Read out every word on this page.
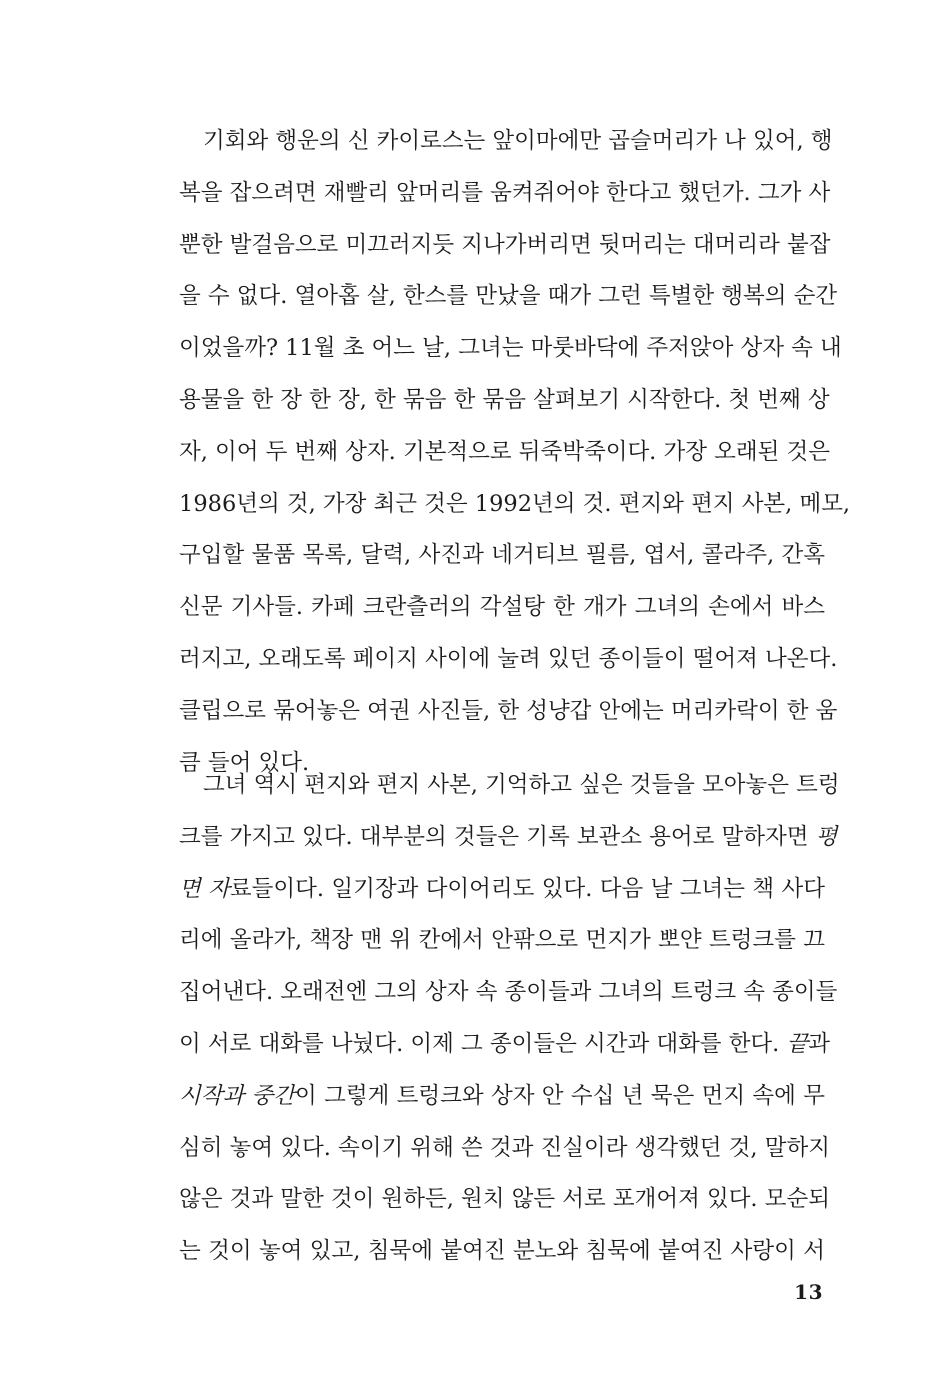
기회와 행운의 신 카이로스는 앞이마에만 곱슬머리가 나 있어, 행
복을 잡으려면 재빨리 앞머리를 움켜쥐어야 한다고 했던가. 그가 사
뿐한 발걸음으로 미끄러지듯 지나가버리면 뒷머리는 대머리라 붙잡
을 수 없다. 열아홉 살, 한스를 만났을 때가 그런 특별한 행복의 순간
이었을까? 11월 초 어느 날, 그녀는 마룻바닥에 주저앉아 상자 속 내
용물을 한 장 한 장, 한 묶음 한 묶음 살펴보기 시작한다. 첫 번째 상
자, 이어 두 번째 상자. 기본적으로 뒤죽박죽이다. 가장 오래된 것은
1986년의 것, 가장 최근 것은 1992년의 것. 편지와 편지 사본, 메모,
구입할 물품 목록, 달력, 사진과 네거티브 필름, 엽서, 콜라주, 간혹
신문 기사들. 카페 크란츨러의 각설탕 한 개가 그녀의 손에서 바스
러지고, 오래도록 페이지 사이에 눌려 있던 종이들이 떨어져 나온다.
클립으로 묶어놓은 여권 사진들, 한 성냥갑 안에는 머리카락이 한 움
큼 들어 있다.

그녀 역시 편지와 편지 사본, 기억하고 싶은 것들을 모아놓은 트렁
크를 가지고 있다. 대부분의 것들은 기록 보관소 용어로 말하자면 평
면 자료들이다. 일기장과 다이어리도 있다. 다음 날 그녀는 책 사다
리에 올라가, 책장 맨 위 칸에서 안팎으로 먼지가 뽀얀 트렁크를 끄
집어낸다. 오래전엔 그의 상자 속 종이들과 그녀의 트렁크 속 종이들
이 서로 대화를 나눴다. 이제 그 종이들은 시간과 대화를 한다. 끝과
시작과 중간이 그렇게 트렁크와 상자 안 수십 년 묵은 먼지 속에 무
심히 놓여 있다. 속이기 위해 쓴 것과 진실이라 생각했던 것, 말하지
않은 것과 말한 것이 원하든, 원치 않든 서로 포개어져 있다. 모순되
는 것이 놓여 있고, 침묵에 붙여진 분노와 침묵에 붙여진 사랑이 서

13
